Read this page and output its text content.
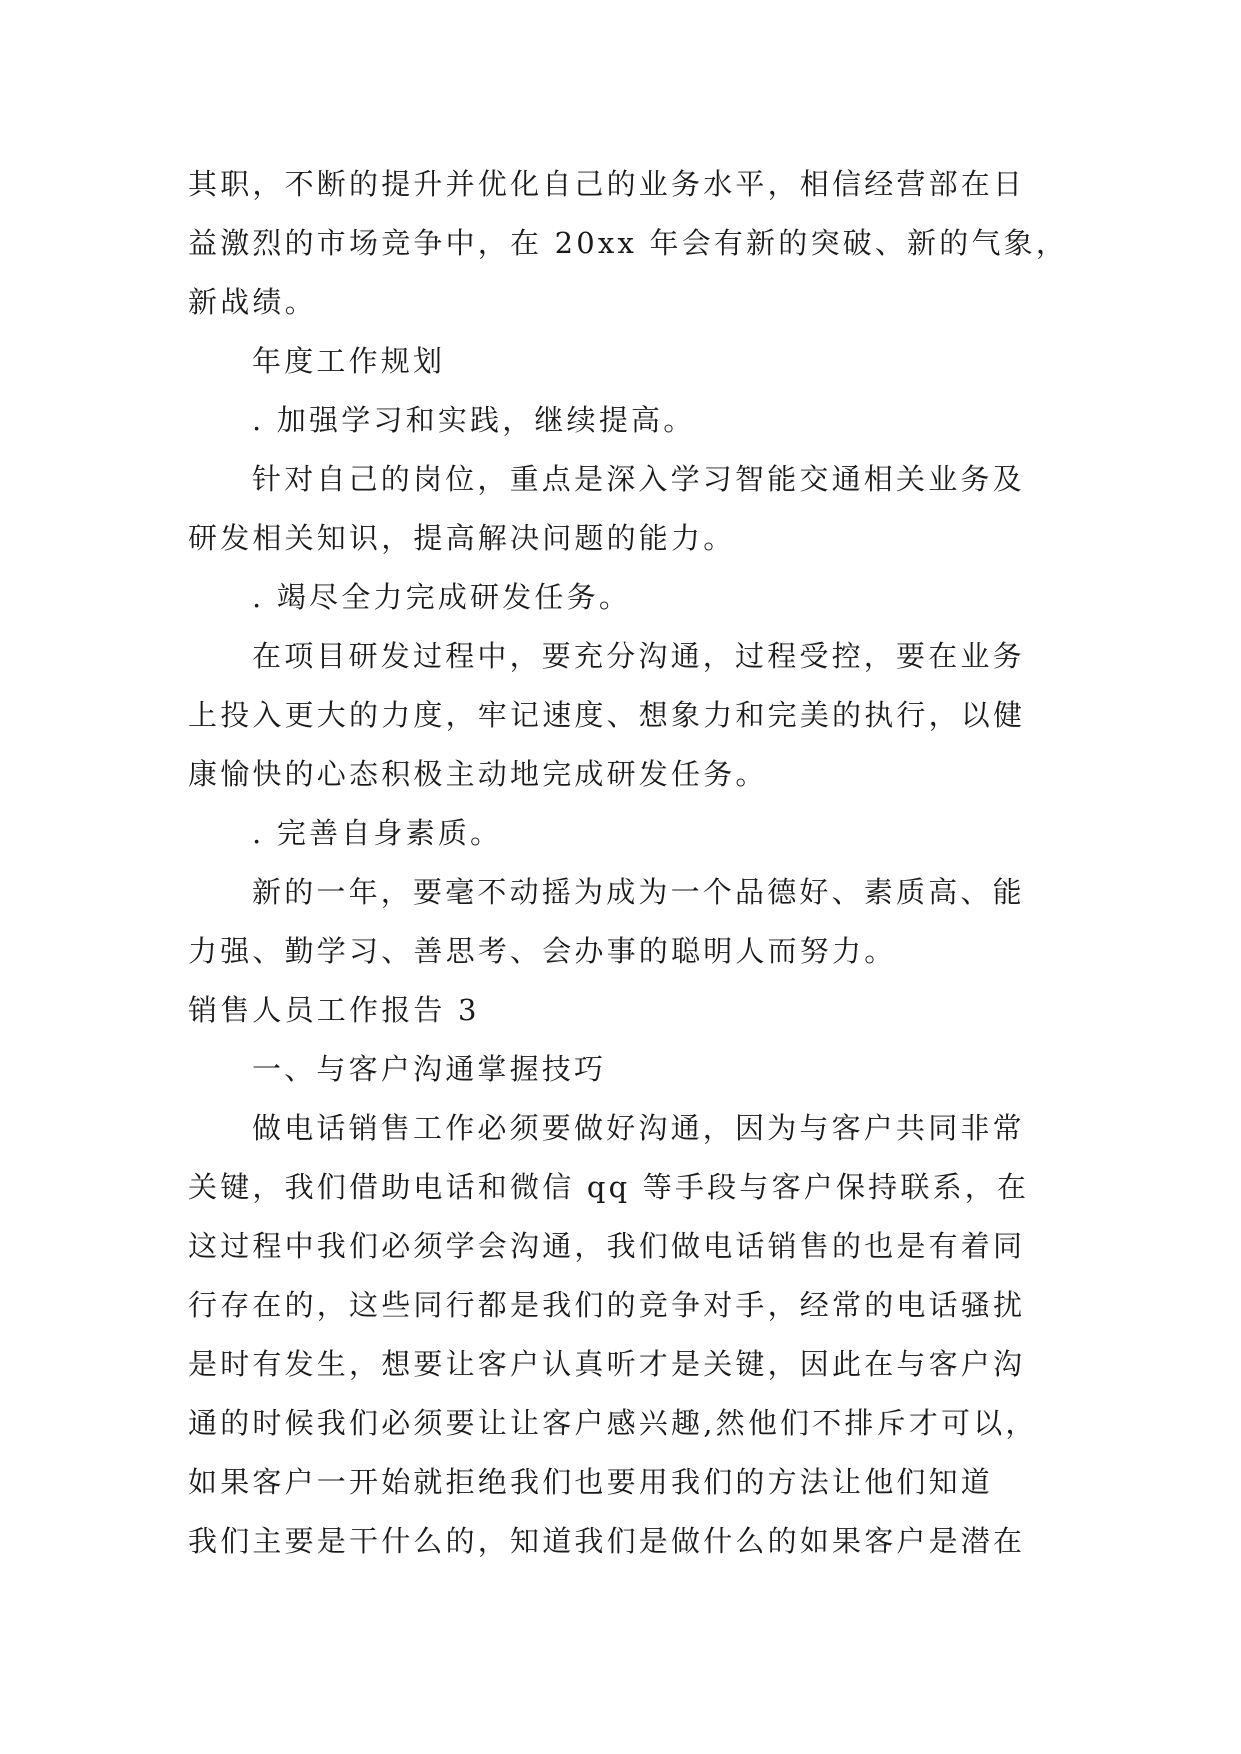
其职，不断的提升并优化自己的业务水平，相信经营部在日
益激烈的市场竞争中，在 20xx 年会有新的突破、新的气象，
新战绩。
年度工作规划
. 加强学习和实践，继续提高。
针对自己的岗位，重点是深入学习智能交通相关业务及
研发相关知识，提高解决问题的能力。
. 竭尽全力完成研发任务。
在项目研发过程中，要充分沟通，过程受控，要在业务
上投入更大的力度，牢记速度、想象力和完美的执行，以健
康愉快的心态积极主动地完成研发任务。
. 完善自身素质。
新的一年，要毫不动摇为成为一个品德好、素质高、能
力强、勤学习、善思考、会办事的聪明人而努力。
销售人员工作报告 3
一、与客户沟通掌握技巧
做电话销售工作必须要做好沟通，因为与客户共同非常
关键，我们借助电话和微信 qq 等手段与客户保持联系，在
这过程中我们必须学会沟通，我们做电话销售的也是有着同
行存在的，这些同行都是我们的竞争对手，经常的电话骚扰
是时有发生，想要让客户认真听才是关键，因此在与客户沟
通的时候我们必须要让让客户感兴趣,然他们不排斥才可以，
如果客户一开始就拒绝我们也要用我们的方法让他们知道
我们主要是干什么的，知道我们是做什么的如果客户是潜在
